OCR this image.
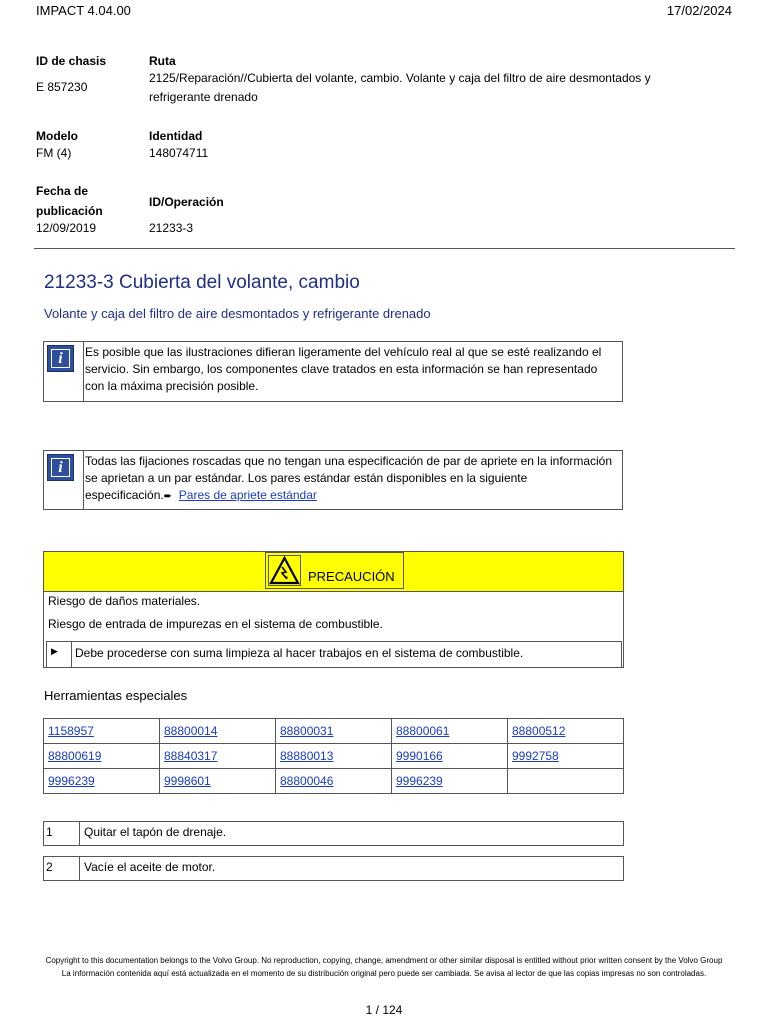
IMPACT 4.04.00	17/02/2024
ID de chasis
E 857230
Ruta
2125/Reparación//Cubierta del volante, cambio. Volante y caja del filtro de aire desmontados y refrigerante drenado
Modelo
FM (4)
Identidad
148074711
Fecha de
publicación
12/09/2019
ID/Operación
21233-3
21233-3 Cubierta del volante, cambio
Volante y caja del filtro de aire desmontados y refrigerante drenado
i	Es posible que las ilustraciones difieran ligeramente del vehículo real al que se esté realizando el servicio. Sin embargo, los componentes clave tratados en esta información se han representado con la máxima precisión posible.
i	Todas las fijaciones roscadas que no tengan una especificación de par de apriete en la información se aprietan a un par estándar. Los pares estándar están disponibles en la siguiente especificación.➨ Pares de apriete estándar
PRECAUCIÓN
Riesgo de daños materiales.
Riesgo de entrada de impurezas en el sistema de combustible.
▶ Debe procederse con suma limpieza al hacer trabajos en el sistema de combustible.
Herramientas especiales
1158957	88800014	88800031	88800061	88800512
88800619	88840317	88880013	9990166	9992758
9996239	9998601	88800046	9996239	
1	Quitar el tapón de drenaje.
2	Vacíe el aceite de motor.
Copyright to this documentation belongs to the Volvo Group. No reproduction, copying, change, amendment or other similar disposal is entitled without prior written consent by the Volvo Group
La información contenida aquí está actualizada en el momento de su distribución original pero puede ser cambiada. Se avisa al lector de que las copias impresas no son controladas.
1 / 124
